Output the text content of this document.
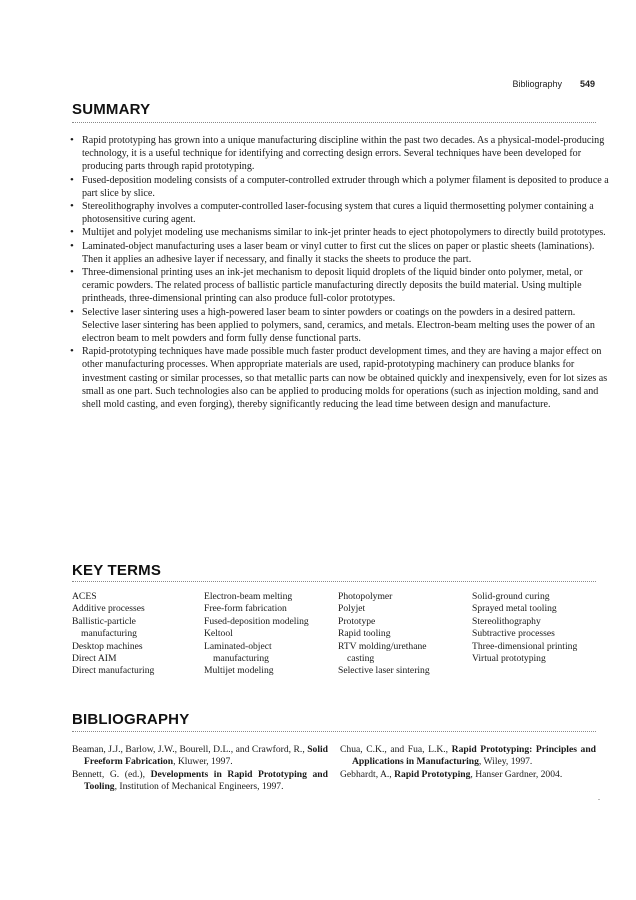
Bibliography 549
SUMMARY
• Rapid prototyping has grown into a unique manufacturing discipline within the past two decades. As a physical-model-producing technology, it is a useful technique for identifying and correcting design errors. Several techniques have been developed for producing parts through rapid prototyping.
• Fused-deposition modeling consists of a computer-controlled extruder through which a polymer filament is deposited to produce a part slice by slice.
• Stereolithography involves a computer-controlled laser-focusing system that cures a liquid thermosetting polymer containing a photosensitive curing agent.
• Multijet and polyjet modeling use mechanisms similar to ink-jet printer heads to eject photopolymers to directly build prototypes.
• Laminated-object manufacturing uses a laser beam or vinyl cutter to first cut the slices on paper or plastic sheets (laminations). Then it applies an adhesive layer if necessary, and finally it stacks the sheets to produce the part.
• Three-dimensional printing uses an ink-jet mechanism to deposit liquid droplets of the liquid binder onto polymer, metal, or ceramic powders. The related process of ballistic particle manufacturing directly deposits the build material. Using multiple printheads, three-dimensional printing can also produce full-color prototypes.
• Selective laser sintering uses a high-powered laser beam to sinter powders or coatings on the powders in a desired pattern. Selective laser sintering has been applied to polymers, sand, ceramics, and metals. Electron-beam melting uses the power of an electron beam to melt powders and form fully dense functional parts.
• Rapid-prototyping techniques have made possible much faster product development times, and they are having a major effect on other manufacturing processes. When appropriate materials are used, rapid-prototyping machinery can produce blanks for investment casting or similar processes, so that metallic parts can now be obtained quickly and inexpensively, even for lot sizes as small as one part. Such technologies also can be applied to producing molds for operations (such as injection molding, sand and shell mold casting, and even forging), thereby significantly reducing the lead time between design and manufacture.
KEY TERMS
ACES
Additive processes
Ballistic-particle
manufacturing
Desktop machines
Direct AIM
Direct manufacturing
Electron-beam melting
Free-form fabrication
Fused-deposition modeling
Keltool
Laminated-object
manufacturing
Multijet modeling
Photopolymer
Polyjet
Prototype
Rapid tooling
RTV molding/urethane
casting
Selective laser sintering
Solid-ground curing
Sprayed metal tooling
Stereolithography
Subtractive processes
Three-dimensional printing
Virtual prototyping
BIBLIOGRAPHY
Beaman, J.J., Barlow, J.W., Bourell, D.L., and Crawford, R., Solid Freeform Fabrication, Kluwer, 1997.
Bennett, G. (ed.), Developments in Rapid Prototyping and Tooling, Institution of Mechanical Engineers, 1997.
Chua, C.K., and Fua, L.K., Rapid Prototyping: Principles and Applications in Manufacturing, Wiley, 1997.
Gebhardt, A., Rapid Prototyping, Hanser Gardner, 2004.
.
